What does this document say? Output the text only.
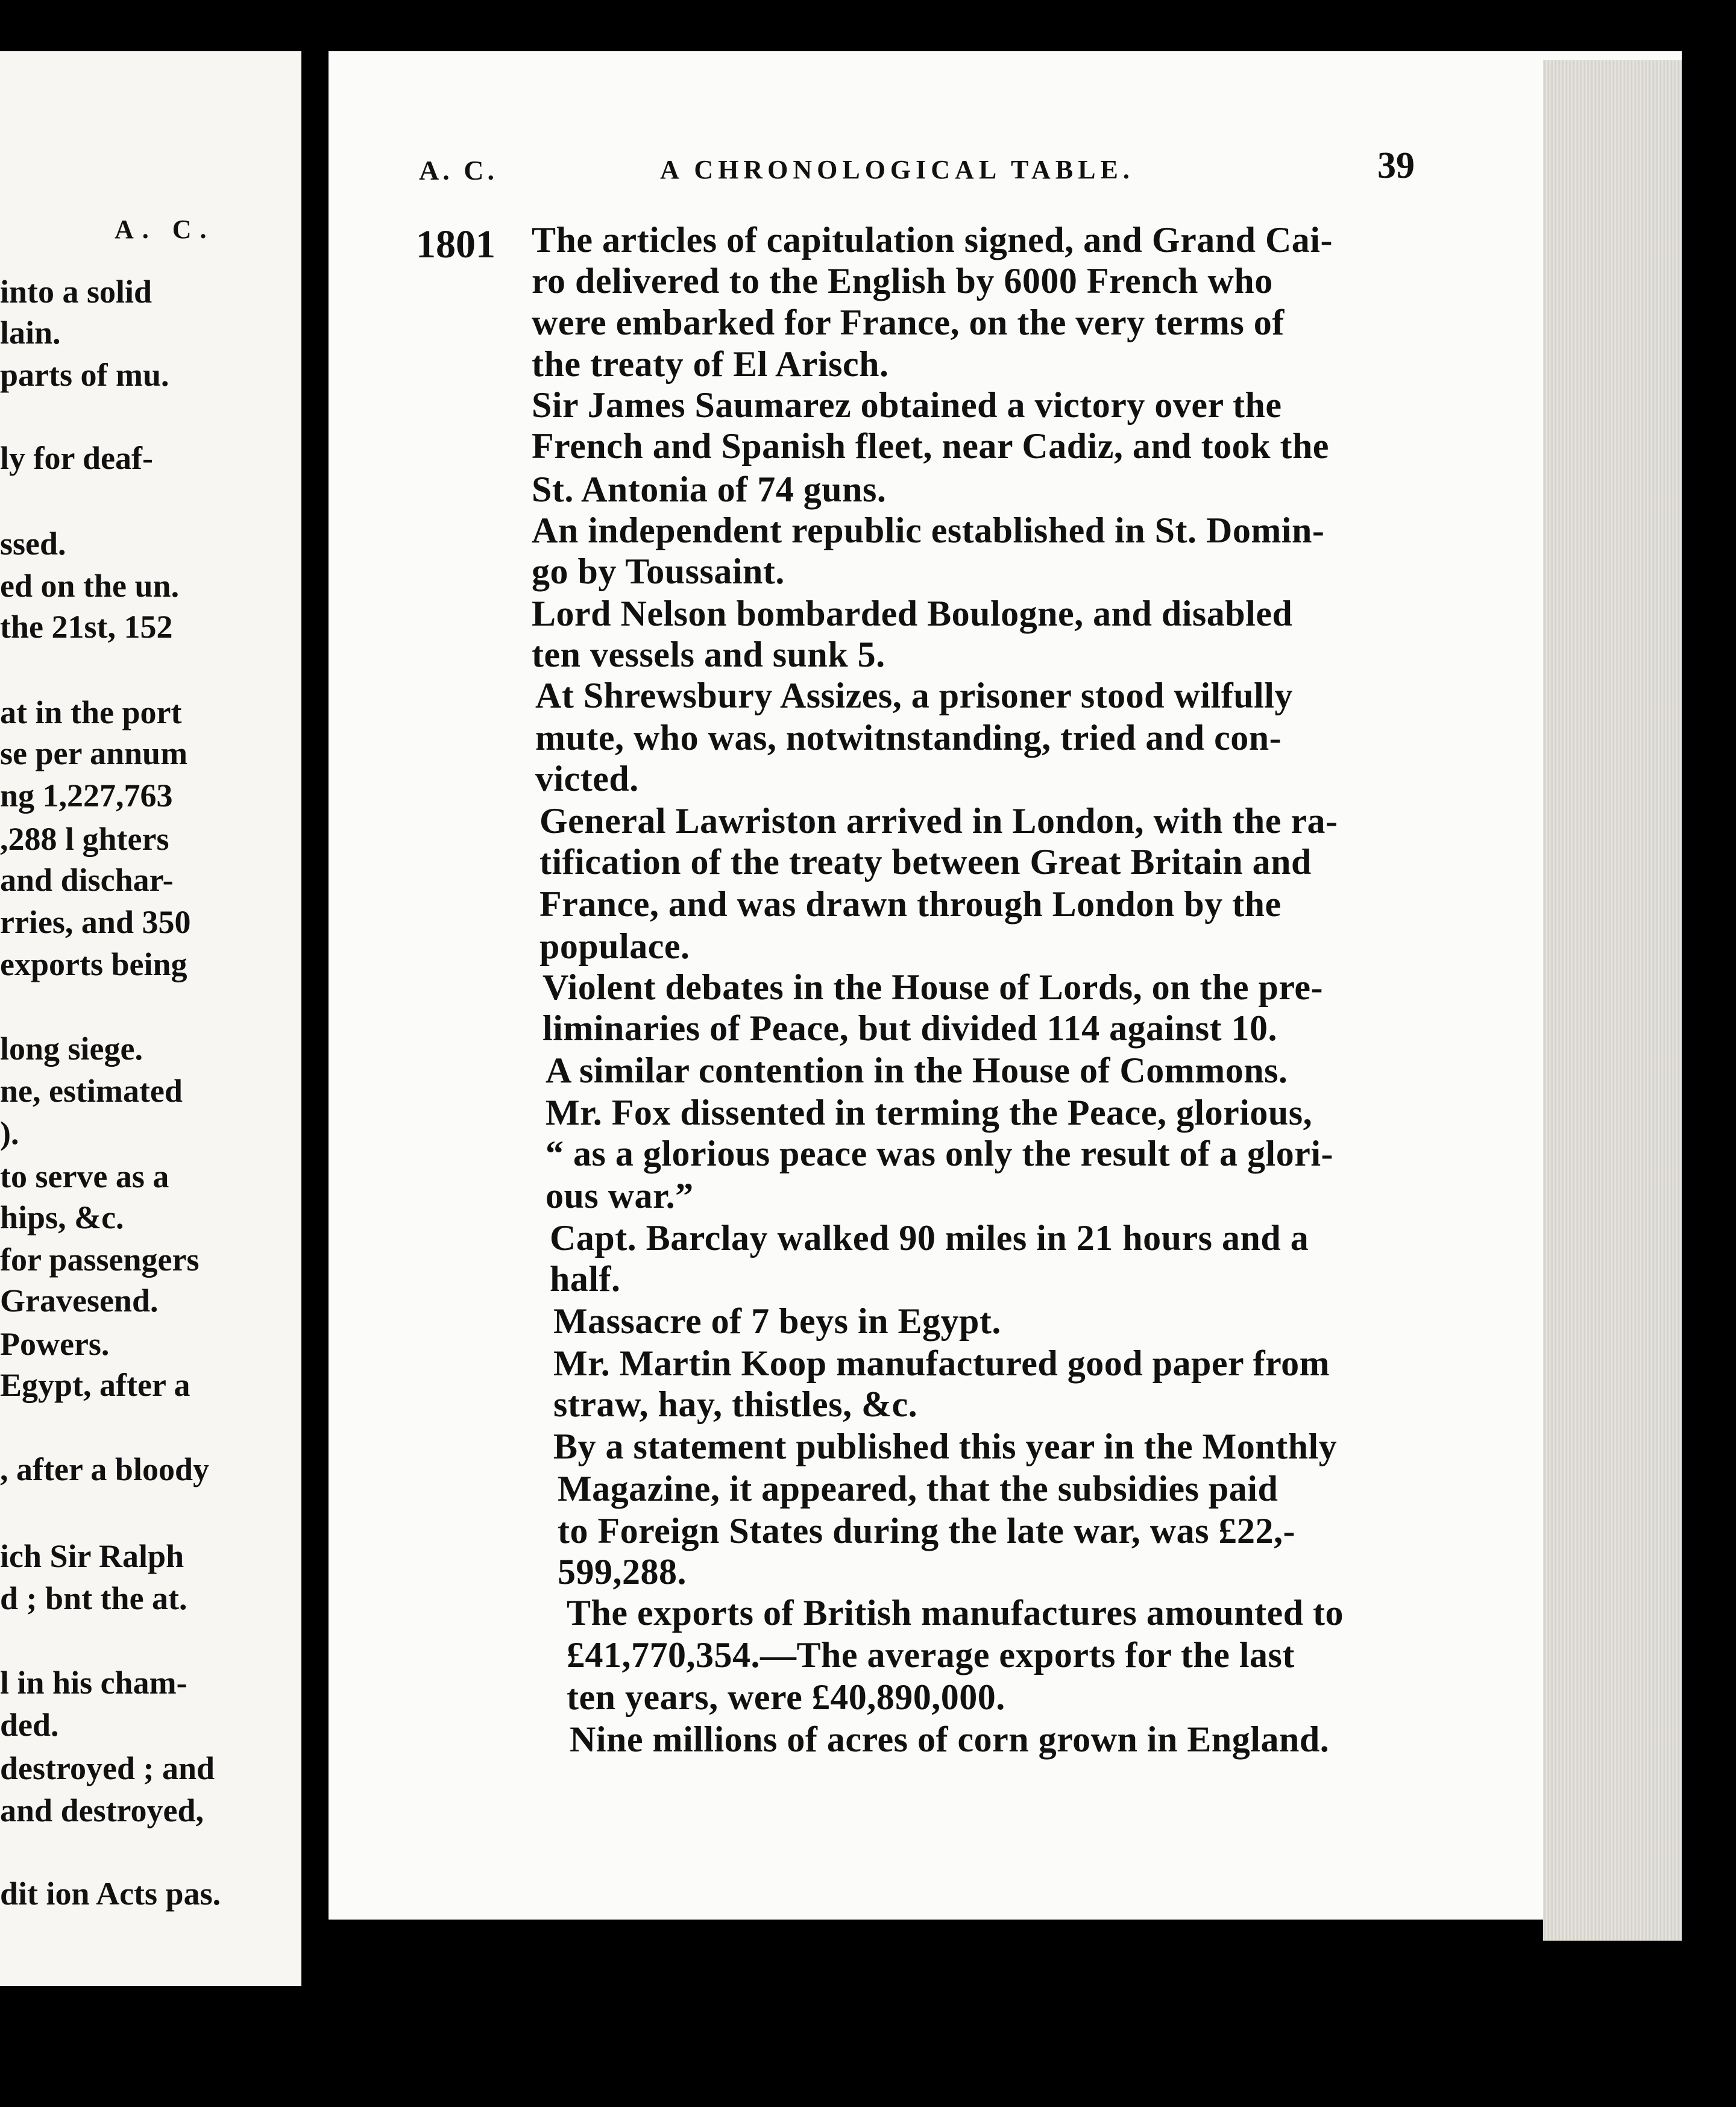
A. C.
into a solid
lain.
parts of mu.
ly for deaf-
ssed.
ed on the un.
the 21st, 152
at in the port
se per annum
ng 1,227,763
,288 l ghters
and dischar-
rries, and 350
exports being
long siege.
ne, estimated
).
to serve as a
hips, &c.
for passengers
Gravesend.
Powers.
Egypt, after a
, after a bloody
ich Sir Ralph
d ; bnt the at.
l in his cham-
ded.
destroyed ; and
and destroyed,
dit ion Acts pas.
A. C.	A CHRONOLOGICAL TABLE.	39
1801 The articles of capitulation signed, and Grand Cai-
ro delivered to the English by 6000 French who
were embarked for France, on the very terms of
the treaty of El Arisch.
Sir James Saumarez obtained a victory over the
French and Spanish fleet, near Cadiz, and took the
St. Antonia of 74 guns.
An independent republic established in St. Domin-
go by Toussaint.
Lord Nelson bombarded Boulogne, and disabled
ten vessels and sunk 5.
At Shrewsbury Assizes, a prisoner stood wilfully
mute, who was, notwitnstanding, tried and con-
victed.
General Lawriston arrived in London, with the ra-
tification of the treaty between Great Britain and
France, and was drawn through London by the
populace.
Violent debates in the House of Lords, on the pre-
liminaries of Peace, but divided 114 against 10.
A similar contention in the House of Commons.
Mr. Fox dissented in terming the Peace, glorious,
“ as a glorious peace was only the result of a glori-
ous war.”
Capt. Barclay walked 90 miles in 21 hours and a
half.
Massacre of 7 beys in Egypt.
Mr. Martin Koop manufactured good paper from
straw, hay, thistles, &c.
By a statement published this year in the Monthly
Magazine, it appeared, that the subsidies paid
to Foreign States during the late war, was £22,-
599,288.
The exports of British manufactures amounted to
£41,770,354.—The average exports for the last
ten years, were £40,890,000.
Nine millions of acres of corn grown in England.
